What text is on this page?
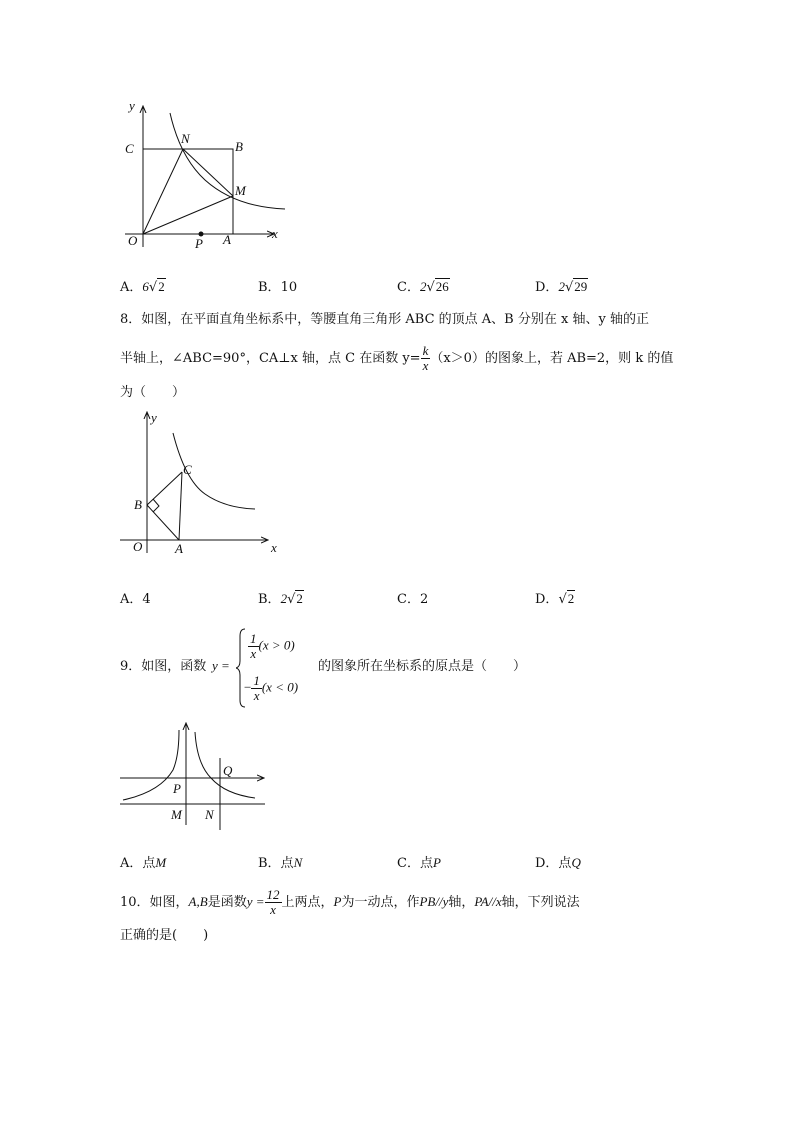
y
x
C	B
N
M
O	P A
A．6√2	B．10	C．2√26	D．2√29
8．如图，在平面直角坐标系中，等腰直角三角形 ABC 的顶点 A、B 分别在 x 轴、y 轴的正
半轴上，∠ABC=90°，CA⊥x 轴，点 C 在函数 $y= \frac{k}{x} (x>0)$的图象上，若 AB=2，则 k 的值
为（　　）
y
x
C
B
O	A
A．4	B．2√2	C．2	D．√2
9．如图，函数 y =
$\frac{1}{x} (x > 0)$
− $\frac{1}{x} (x < 0)$
的图象所在坐标系的原点是（　　）
Q
P
M N
A．点M	B．点N	C．点P	D．点Q
10．如图，A,B是函数$y = \frac{12}{x}$ 上两点，P为一动点，作PB//y轴，PA//x轴，下列说法
正确的是(　　)
